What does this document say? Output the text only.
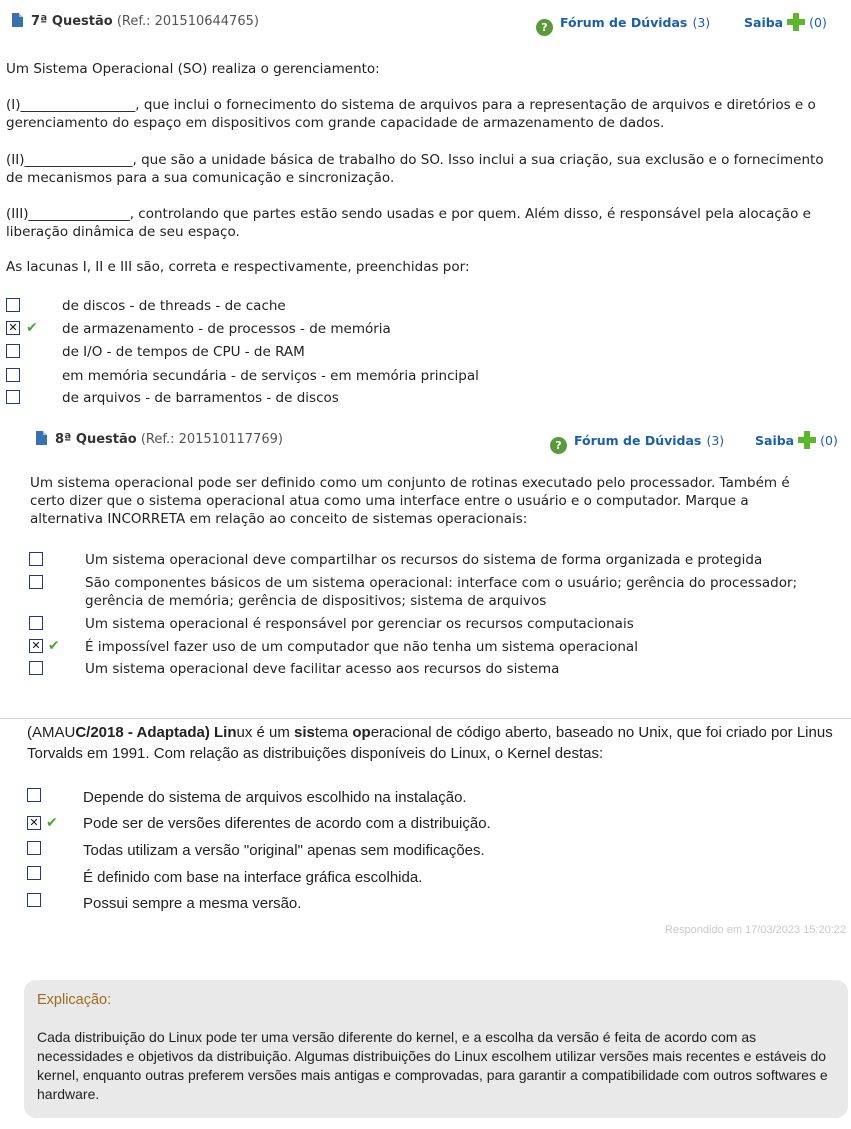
7ª Questão (Ref.: 201510644765)	? Fórum de Dúvidas (3)	Saiba (0)
Um Sistema Operacional (SO) realiza o gerenciamento:
(I)_________________, que inclui o fornecimento do sistema de arquivos para a representação de arquivos e diretórios e o gerenciamento do espaço em dispositivos com grande capacidade de armazenamento de dados.
(II)________________, que são a unidade básica de trabalho do SO. Isso inclui a sua criação, sua exclusão e o fornecimento de mecanismos para a sua comunicação e sincronização.
(III)_______________, controlando que partes estão sendo usadas e por quem. Além disso, é responsável pela alocação e liberação dinâmica de seu espaço.
As lacunas I, II e III são, correta e respectivamente, preenchidas por:
de discos - de threads - de cache
✕ ✔ de armazenamento - de processos - de memória
de I/O - de tempos de CPU - de RAM
em memória secundária - de serviços - em memória principal
de arquivos - de barramentos - de discos
8ª Questão (Ref.: 201510117769)	? Fórum de Dúvidas (3) Saiba (0)
Um sistema operacional pode ser definido como um conjunto de rotinas executado pelo processador. Também é certo dizer que o sistema operacional atua como uma interface entre o usuário e o computador. Marque a alternativa INCORRETA em relação ao conceito de sistemas operacionais:
Um sistema operacional deve compartilhar os recursos do sistema de forma organizada e protegida
São componentes básicos de um sistema operacional: interface com o usuário; gerência do processador; gerência de memória; gerência de dispositivos; sistema de arquivos
Um sistema operacional é responsável por gerenciar os recursos computacionais
✕ ✔ É impossível fazer uso de um computador que não tenha um sistema operacional
Um sistema operacional deve facilitar acesso aos recursos do sistema
(AMAUC/2018 - Adaptada) Linux é um sistema operacional de código aberto, baseado no Unix, que foi criado por Linus Torvalds em 1991. Com relação as distribuições disponíveis do Linux, o Kernel destas:
Depende do sistema de arquivos escolhido na instalação.
✕ ✔ Pode ser de versões diferentes de acordo com a distribuição.
Todas utilizam a versão "original" apenas sem modificações.
É definido com base na interface gráfica escolhida.
Possui sempre a mesma versão.
Respondido em 17/03/2023 15:20:22
Explicação:
Cada distribuição do Linux pode ter uma versão diferente do kernel, e a escolha da versão é feita de acordo com as necessidades e objetivos da distribuição. Algumas distribuições do Linux escolhem utilizar versões mais recentes e estáveis do kernel, enquanto outras preferem versões mais antigas e comprovadas, para garantir a compatibilidade com outros softwares e hardware.
